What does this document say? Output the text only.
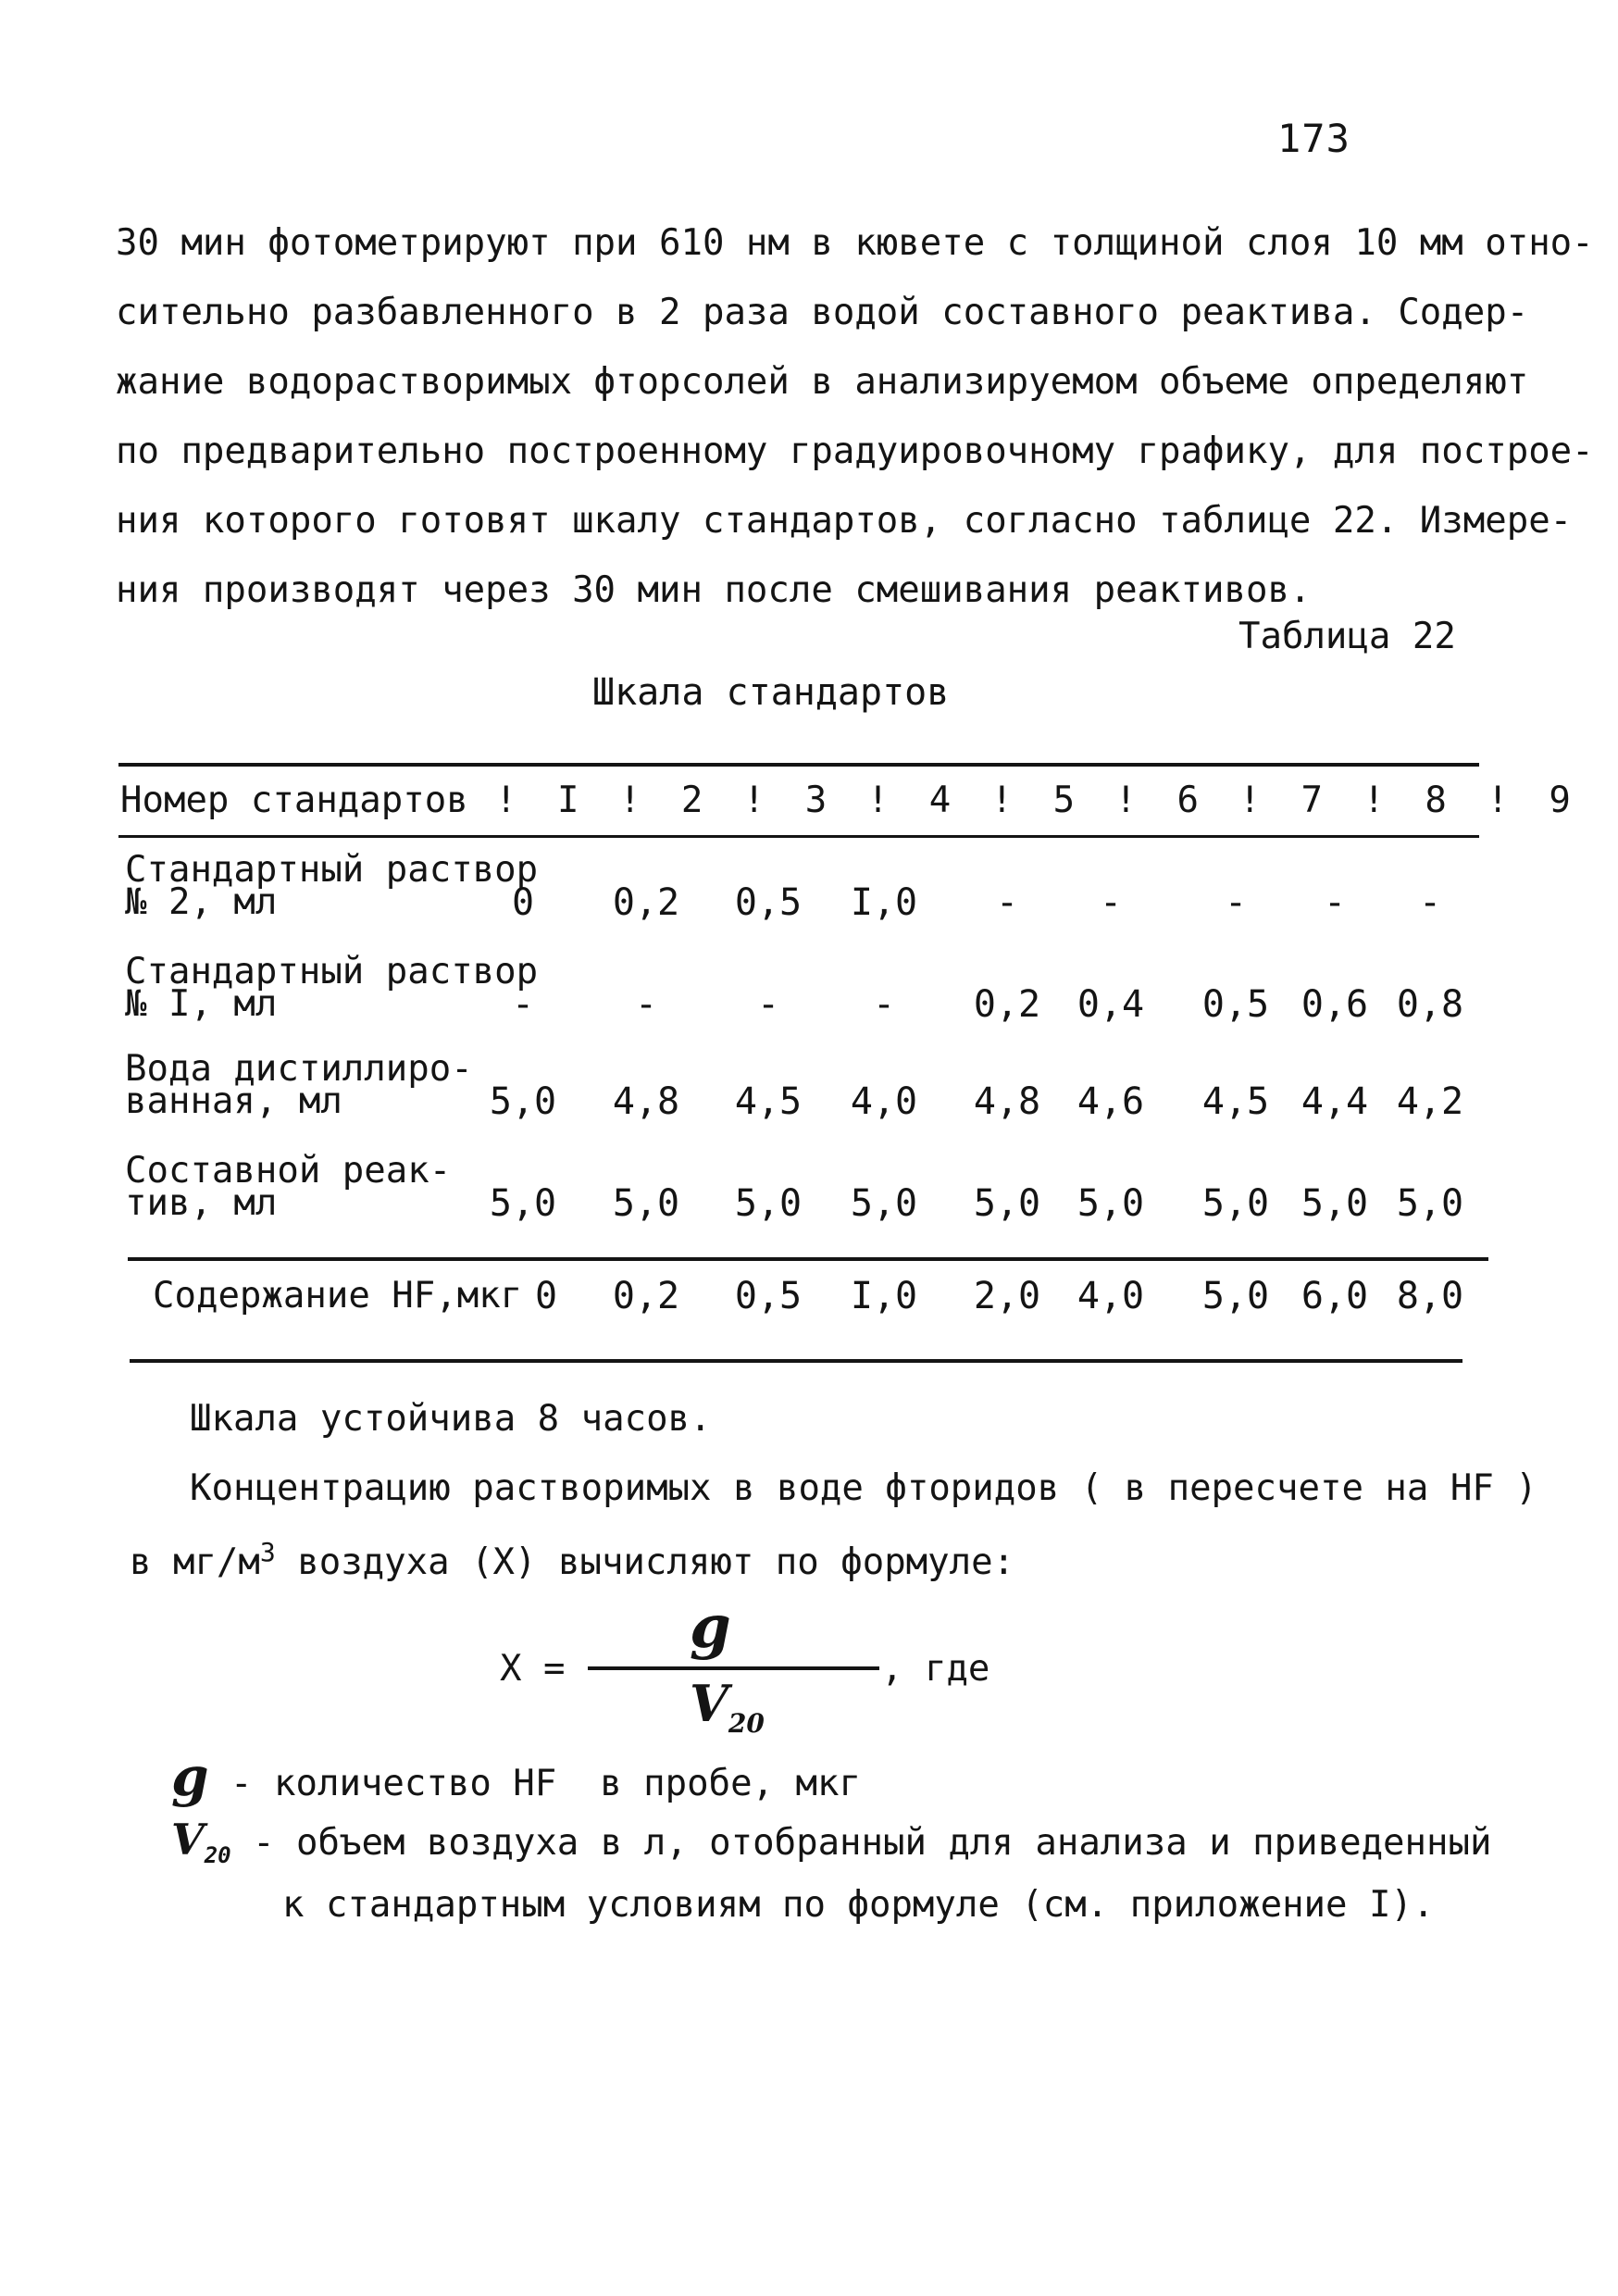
173
30 мин фотометрируют при 610 нм в кювете с толщиной слоя 10 мм отно-
сительно разбавленного в 2 раза водой составного реактива. Содер-
жание водорастворимых фторсолей в анализируемом объеме определяют
по предварительно построенному градуировочному графику, для построе-
ния которого готовят шкалу стандартов, согласно таблице 22. Измере-
ния производят через 30 мин после смешивания реактивов.
Таблица 22
Шкала стандартов
Номер стандартов ! I ! 2 ! 3 ! 4 ! 5 ! 6 ! 7 ! 8 ! 9
Стандартный раствор
№ 2, мл	0	0,2 0,5 I,0	-	-	-	-	-
Стандартный раствор
№ I, мл	-	-	-	-	0,2 0,4 0,5 0,6 0,8
Вода дистиллиро-
ванная, мл	5,0 4,8 4,5 4,0 4,8 4,6 4,5 4,4 4,2
Составной реак-
тив, мл	5,0 5,0 5,0 5,0 5,0 5,0 5,0 5,0 5,0
Содержание HF,мкг 0	0,2 0,5 I,0 2,0 4,0 5,0 6,0 8,0
Шкала устойчива 8 часов.
Концентрацию растворимых в воде фторидов ( в пересчете на HF )
в $мг/м^3$ воздуха (X) вычисляют по формуле:
X =
g
, где
$V_{20}$
g - количество HF  в пробе, мкг
$V_{20}$ - объем воздуха в л, отобранный для анализа и приведенный
к стандартным условиям по формуле (см. приложение I).
